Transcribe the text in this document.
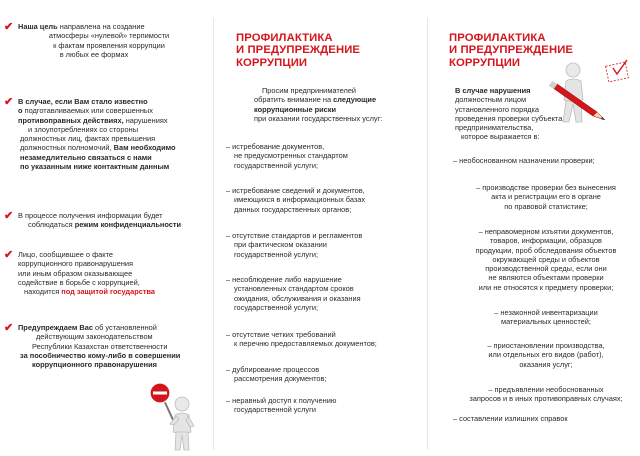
✔ Наша цель направлена на создание
атмосферы «нулевой» терпимости
к фактам проявления коррупции
в любых ее формах
✔ В случае, если Вам стало известно
о подготавливаемых или совершенных
противоправных действиях, нарушениях
и злоупотреблениях со стороны
должностных лиц, фактах превышения
должностных полномочий, Вам необходимо
незамедлительно связаться с нами
по указанным ниже контактным данным
✔ В процессе получения информации будет
соблюдаться режим конфиденциальности
✔ Лицо, сообщившее о факте
коррупционного правонарушения
или иным образом оказывающее
содействие в борьбе с коррупцией,
находится под защитой государства
✔ Предупреждаем Вас об установленной
действующим законодательством
Республики Казахстан ответственности
за пособничество кому-либо в совершении
коррупционного правонарушения
ПРОФИЛАКТИКА
И ПРЕДУПРЕЖДЕНИЕ
КОРРУПЦИИ
Просим предпринимателей
обратить внимание на следующие
коррупционные риски
при оказании государственных услуг:
– истребование документов,
не предусмотренных стандартом
государственной услуги;
– истребование сведений и документов,
имеющихся в информационных базах
данных государственных органов;
– отсутствие стандартов и регламентов
при фактическом оказании
государственной услуги;
– несоблюдение либо нарушение
установленных стандартом сроков
ожидания, обслуживания и оказания
государственной услуги;
– отсутствие четких требований
к перечню предоставляемых документов;
– дублирование процессов
рассмотрения документов;
– неравный доступ к получению
государственной услуги
ПРОФИЛАКТИКА
И ПРЕДУПРЕЖДЕНИЕ
КОРРУПЦИИ
В случае нарушения
должностным лицом
установленного порядка
проведения проверки субъекта
предпринимательства,
которое выражается в:
– необоснованном назначении проверки;
– производстве проверки без вынесения
акта и регистрации его в органе
по правовой статистике;
– неправомерном изъятии документов,
товаров, информации, образцов
продукции, проб обследования объектов
окружающей среды и объектов
производственной среды, если они
не являются объектами проверки
или не относятся к предмету проверки;
– незаконной инвентаризации
материальных ценностей;
– приостановлении производства,
или отдельных его видов (работ),
оказания услуг;
– предъявлении необоснованных
запросов и в иных противоправных случаях;
– составлении излишних справок
